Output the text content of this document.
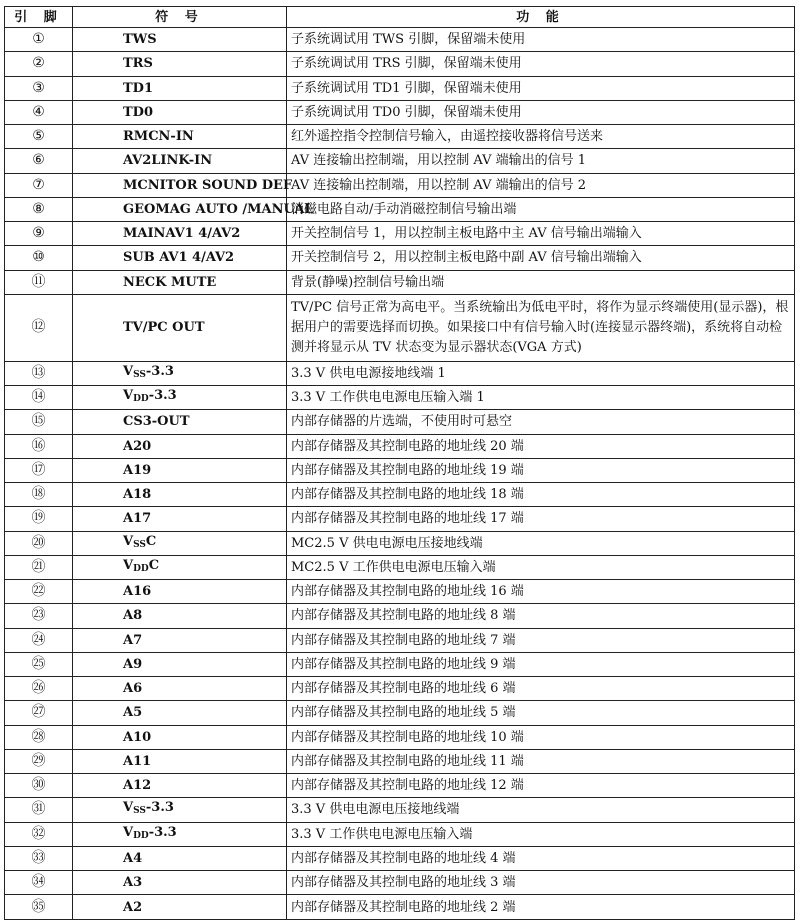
引 脚	符 号	功 能
①	TWS	子系统调试用 TWS 引脚，保留端未使用
②	TRS	子系统调试用 TRS 引脚，保留端未使用
③	TD1	子系统调试用 TD1 引脚，保留端未使用
④	TD0	子系统调试用 TD0 引脚，保留端未使用
⑤	RMCN-IN	红外遥控指令控制信号输入，由遥控接收器将信号送来
⑥	AV2LINK-IN	AV 连接输出控制端，用以控制 AV 端输出的信号 1
⑦	MCNITOR SOUND DEF	AV 连接输出控制端，用以控制 AV 端输出的信号 2
⑧	GEOMAG AUTO /MANUAL	消磁电路自动/手动消磁控制信号输出端
⑨	MAINAV1 4/AV2	开关控制信号 1，用以控制主板电路中主 AV 信号输出端输入
⑩	SUB AV1 4/AV2	开关控制信号 2，用以控制主板电路中副 AV 信号输出端输入
⑪	NECK MUTE	背景(静噪)控制信号输出端
⑫	TV/PC OUT	TV/PC 信号正常为高电平。当系统输出为低电平时，将作为显示终端使用(显示器)，根据用户的需要选择而切换。如果接口中有信号输入时(连接显示器终端)，系统将自动检测并将显示从 TV 状态变为显示器状态(VGA 方式)
⑬	$V_{SS}-3.3$	3.3 V 供电电源接地线端 1
⑭	$V_{DD}-3.3$	3.3 V 工作供电电源电压输入端 1
⑮	CS3-OUT	内部存储器的片选端，不使用时可悬空
⑯	A20	内部存储器及其控制电路的地址线 20 端
⑰	A19	内部存储器及其控制电路的地址线 19 端
⑱	A18	内部存储器及其控制电路的地址线 18 端
⑲	A17	内部存储器及其控制电路的地址线 17 端
⑳	$V_{SS}C$	MC2.5 V 供电电源电压接地线端
㉑	$V_{DD}C$	MC2.5 V 工作供电电源电压输入端
㉒	A16	内部存储器及其控制电路的地址线 16 端
㉓	A8	内部存储器及其控制电路的地址线 8 端
㉔	A7	内部存储器及其控制电路的地址线 7 端
㉕	A9	内部存储器及其控制电路的地址线 9 端
㉖	A6	内部存储器及其控制电路的地址线 6 端
㉗	A5	内部存储器及其控制电路的地址线 5 端
㉘	A10	内部存储器及其控制电路的地址线 10 端
㉙	A11	内部存储器及其控制电路的地址线 11 端
㉚	A12	内部存储器及其控制电路的地址线 12 端
㉛	$V_{SS}-3.3$	3.3 V 供电电源电压接地线端
㉜	$V_{DD}-3.3$	3.3 V 工作供电电源电压输入端
㉝	A4	内部存储器及其控制电路的地址线 4 端
㉞	A3	内部存储器及其控制电路的地址线 3 端
㉟	A2	内部存储器及其控制电路的地址线 2 端
